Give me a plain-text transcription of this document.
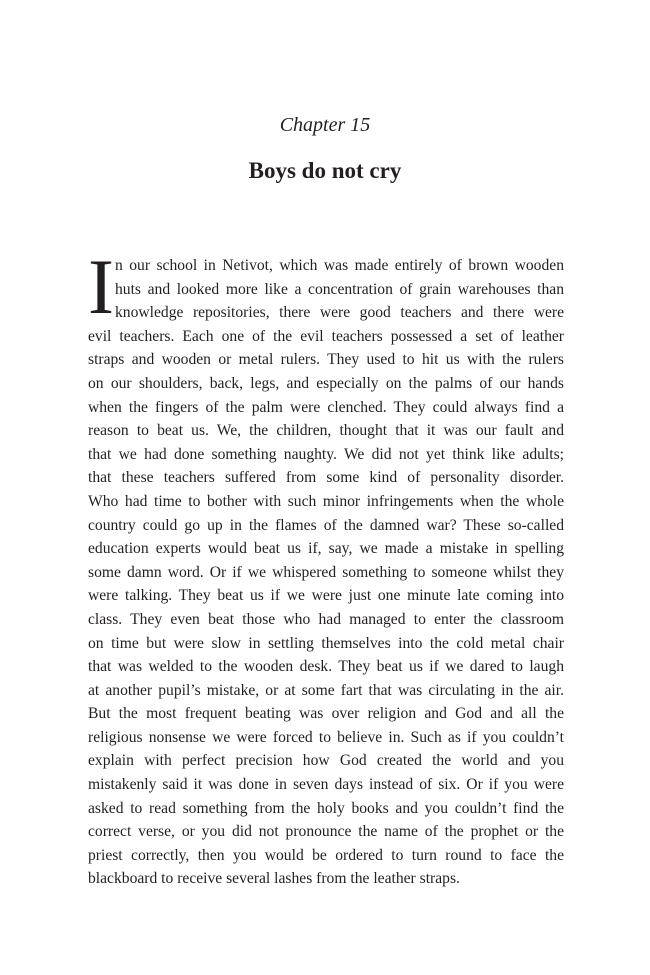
Chapter 15
Boys do not cry
I n our school in Netivot, which was made entirely of brown wooden
huts and looked more like a concentration of grain warehouses than
knowledge repositories, there were good teachers and there were
evil teachers. Each one of the evil teachers possessed a set of leather
straps and wooden or metal rulers. They used to hit us with the rulers
on our shoulders, back, legs, and especially on the palms of our hands
when the fingers of the palm were clenched. They could always find a
reason to beat us. We, the children, thought that it was our fault and
that we had done something naughty. We did not yet think like adults;
that these teachers suffered from some kind of personality disorder.
Who had time to bother with such minor infringements when the whole
country could go up in the flames of the damned war? These so-called
education experts would beat us if, say, we made a mistake in spelling
some damn word. Or if we whispered something to someone whilst they
were talking. They beat us if we were just one minute late coming into
class. They even beat those who had managed to enter the classroom
on time but were slow in settling themselves into the cold metal chair
that was welded to the wooden desk. They beat us if we dared to laugh
at another pupil’s mistake, or at some fart that was circulating in the air.
But the most frequent beating was over religion and God and all the
religious nonsense we were forced to believe in. Such as if you couldn’t
explain with perfect precision how God created the world and you
mistakenly said it was done in seven days instead of six. Or if you were
asked to read something from the holy books and you couldn’t find the
correct verse, or you did not pronounce the name of the prophet or the
priest correctly, then you would be ordered to turn round to face the
blackboard to receive several lashes from the leather straps.
